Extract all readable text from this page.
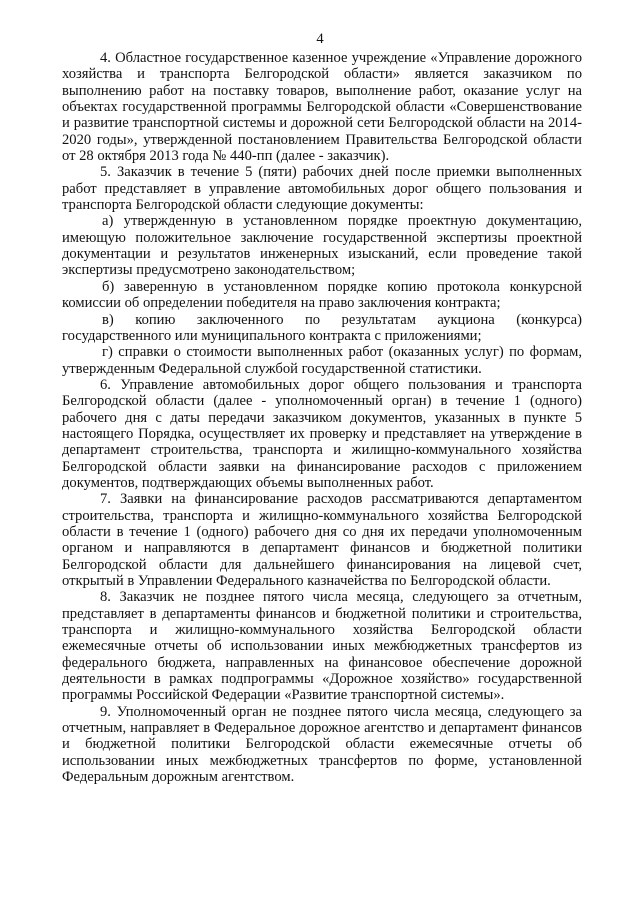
4

4. Областное государственное казенное учреждение «Управление дорожного хозяйства и транспорта Белгородской области» является заказчиком по выполнению работ на поставку товаров, выполнение работ, оказание услуг на объектах государственной программы Белгородской области «Совершенствование и развитие транспортной системы и дорожной сети Белгородской области на 2014-2020 годы», утвержденной постановлением Правительства Белгородской области от 28 октября 2013 года № 440-пп (далее - заказчик).

5. Заказчик в течение 5 (пяти) рабочих дней после приемки выполненных работ представляет в управление автомобильных дорог общего пользования и транспорта Белгородской области следующие документы:

а) утвержденную в установленном порядке проектную документацию, имеющую положительное заключение государственной экспертизы проектной документации и результатов инженерных изысканий, если проведение такой экспертизы предусмотрено законодательством;

б) заверенную в установленном порядке копию протокола конкурсной комиссии об определении победителя на право заключения контракта;

в) копию заключенного по результатам аукциона (конкурса) государственного или муниципального контракта с приложениями;

г) справки о стоимости выполненных работ (оказанных услуг) по формам, утвержденным Федеральной службой государственной статистики.

6. Управление автомобильных дорог общего пользования и транспорта Белгородской области (далее - уполномоченный орган) в течение 1 (одного) рабочего дня с даты передачи заказчиком документов, указанных в пункте 5 настоящего Порядка, осуществляет их проверку и представляет на утверждение в департамент строительства, транспорта и жилищно-коммунального хозяйства Белгородской области заявки на финансирование расходов с приложением документов, подтверждающих объемы выполненных работ.

7. Заявки на финансирование расходов рассматриваются департаментом строительства, транспорта и жилищно-коммунального хозяйства Белгородской области в течение 1 (одного) рабочего дня со дня их передачи уполномоченным органом и направляются в департамент финансов и бюджетной политики Белгородской области для дальнейшего финансирования на лицевой счет, открытый в Управлении Федерального казначейства по Белгородской области.

8. Заказчик не позднее пятого числа месяца, следующего за отчетным, представляет в департаменты финансов и бюджетной политики и строительства, транспорта и жилищно-коммунального хозяйства Белгородской области ежемесячные отчеты об использовании иных межбюджетных трансфертов из федерального бюджета, направленных на финансовое обеспечение дорожной деятельности в рамках подпрограммы «Дорожное хозяйство» государственной программы Российской Федерации «Развитие транспортной системы».

9. Уполномоченный орган не позднее пятого числа месяца, следующего за отчетным, направляет в Федеральное дорожное агентство и департамент финансов и бюджетной политики Белгородской области ежемесячные отчеты об использовании иных межбюджетных трансфертов по форме, установленной Федеральным дорожным агентством.
